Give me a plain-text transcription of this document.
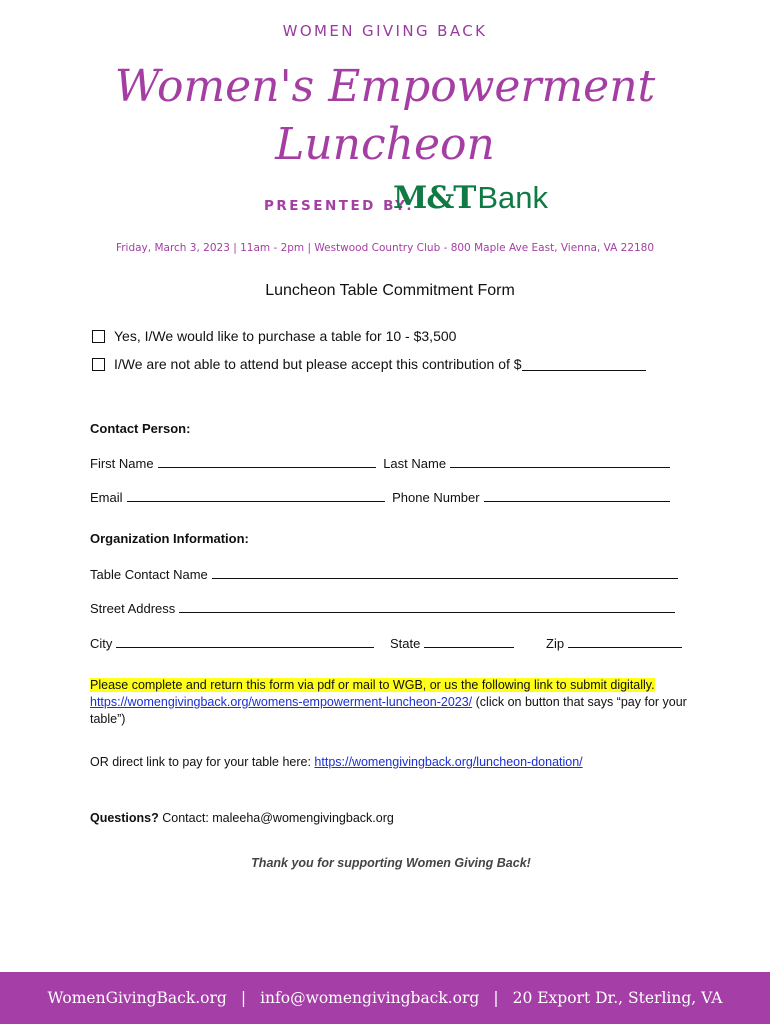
WOMEN GIVING BACK
Women's Empowerment
Luncheon
PRESENTED BY:
M&T Bank
Friday, March 3, 2023 | 11am - 2pm | Westwood Country Club - 800 Maple Ave East, Vienna, VA 22180
Luncheon Table Commitment Form
Yes, I/We would like to purchase a table for 10 - $3,500
I/We are not able to attend but please accept this contribution of $
Contact Person:
First Name	Last Name
Email	Phone Number
Organization Information:
Table Contact Name
Street Address
City	State	Zip
Please complete and return this form via pdf or mail to WGB, or us the following link to submit digitally. https://womengivingback.org/womens-empowerment-luncheon-2023/ (click on button that says “pay for your table”)
OR direct link to pay for your table here: https://womengivingback.org/luncheon-donation/
Questions? Contact: maleeha@womengivingback.org
Thank you for supporting Women Giving Back!
WomenGivingBack.org | info@womengivingback.org | 20 Export Dr., Sterling, VA
